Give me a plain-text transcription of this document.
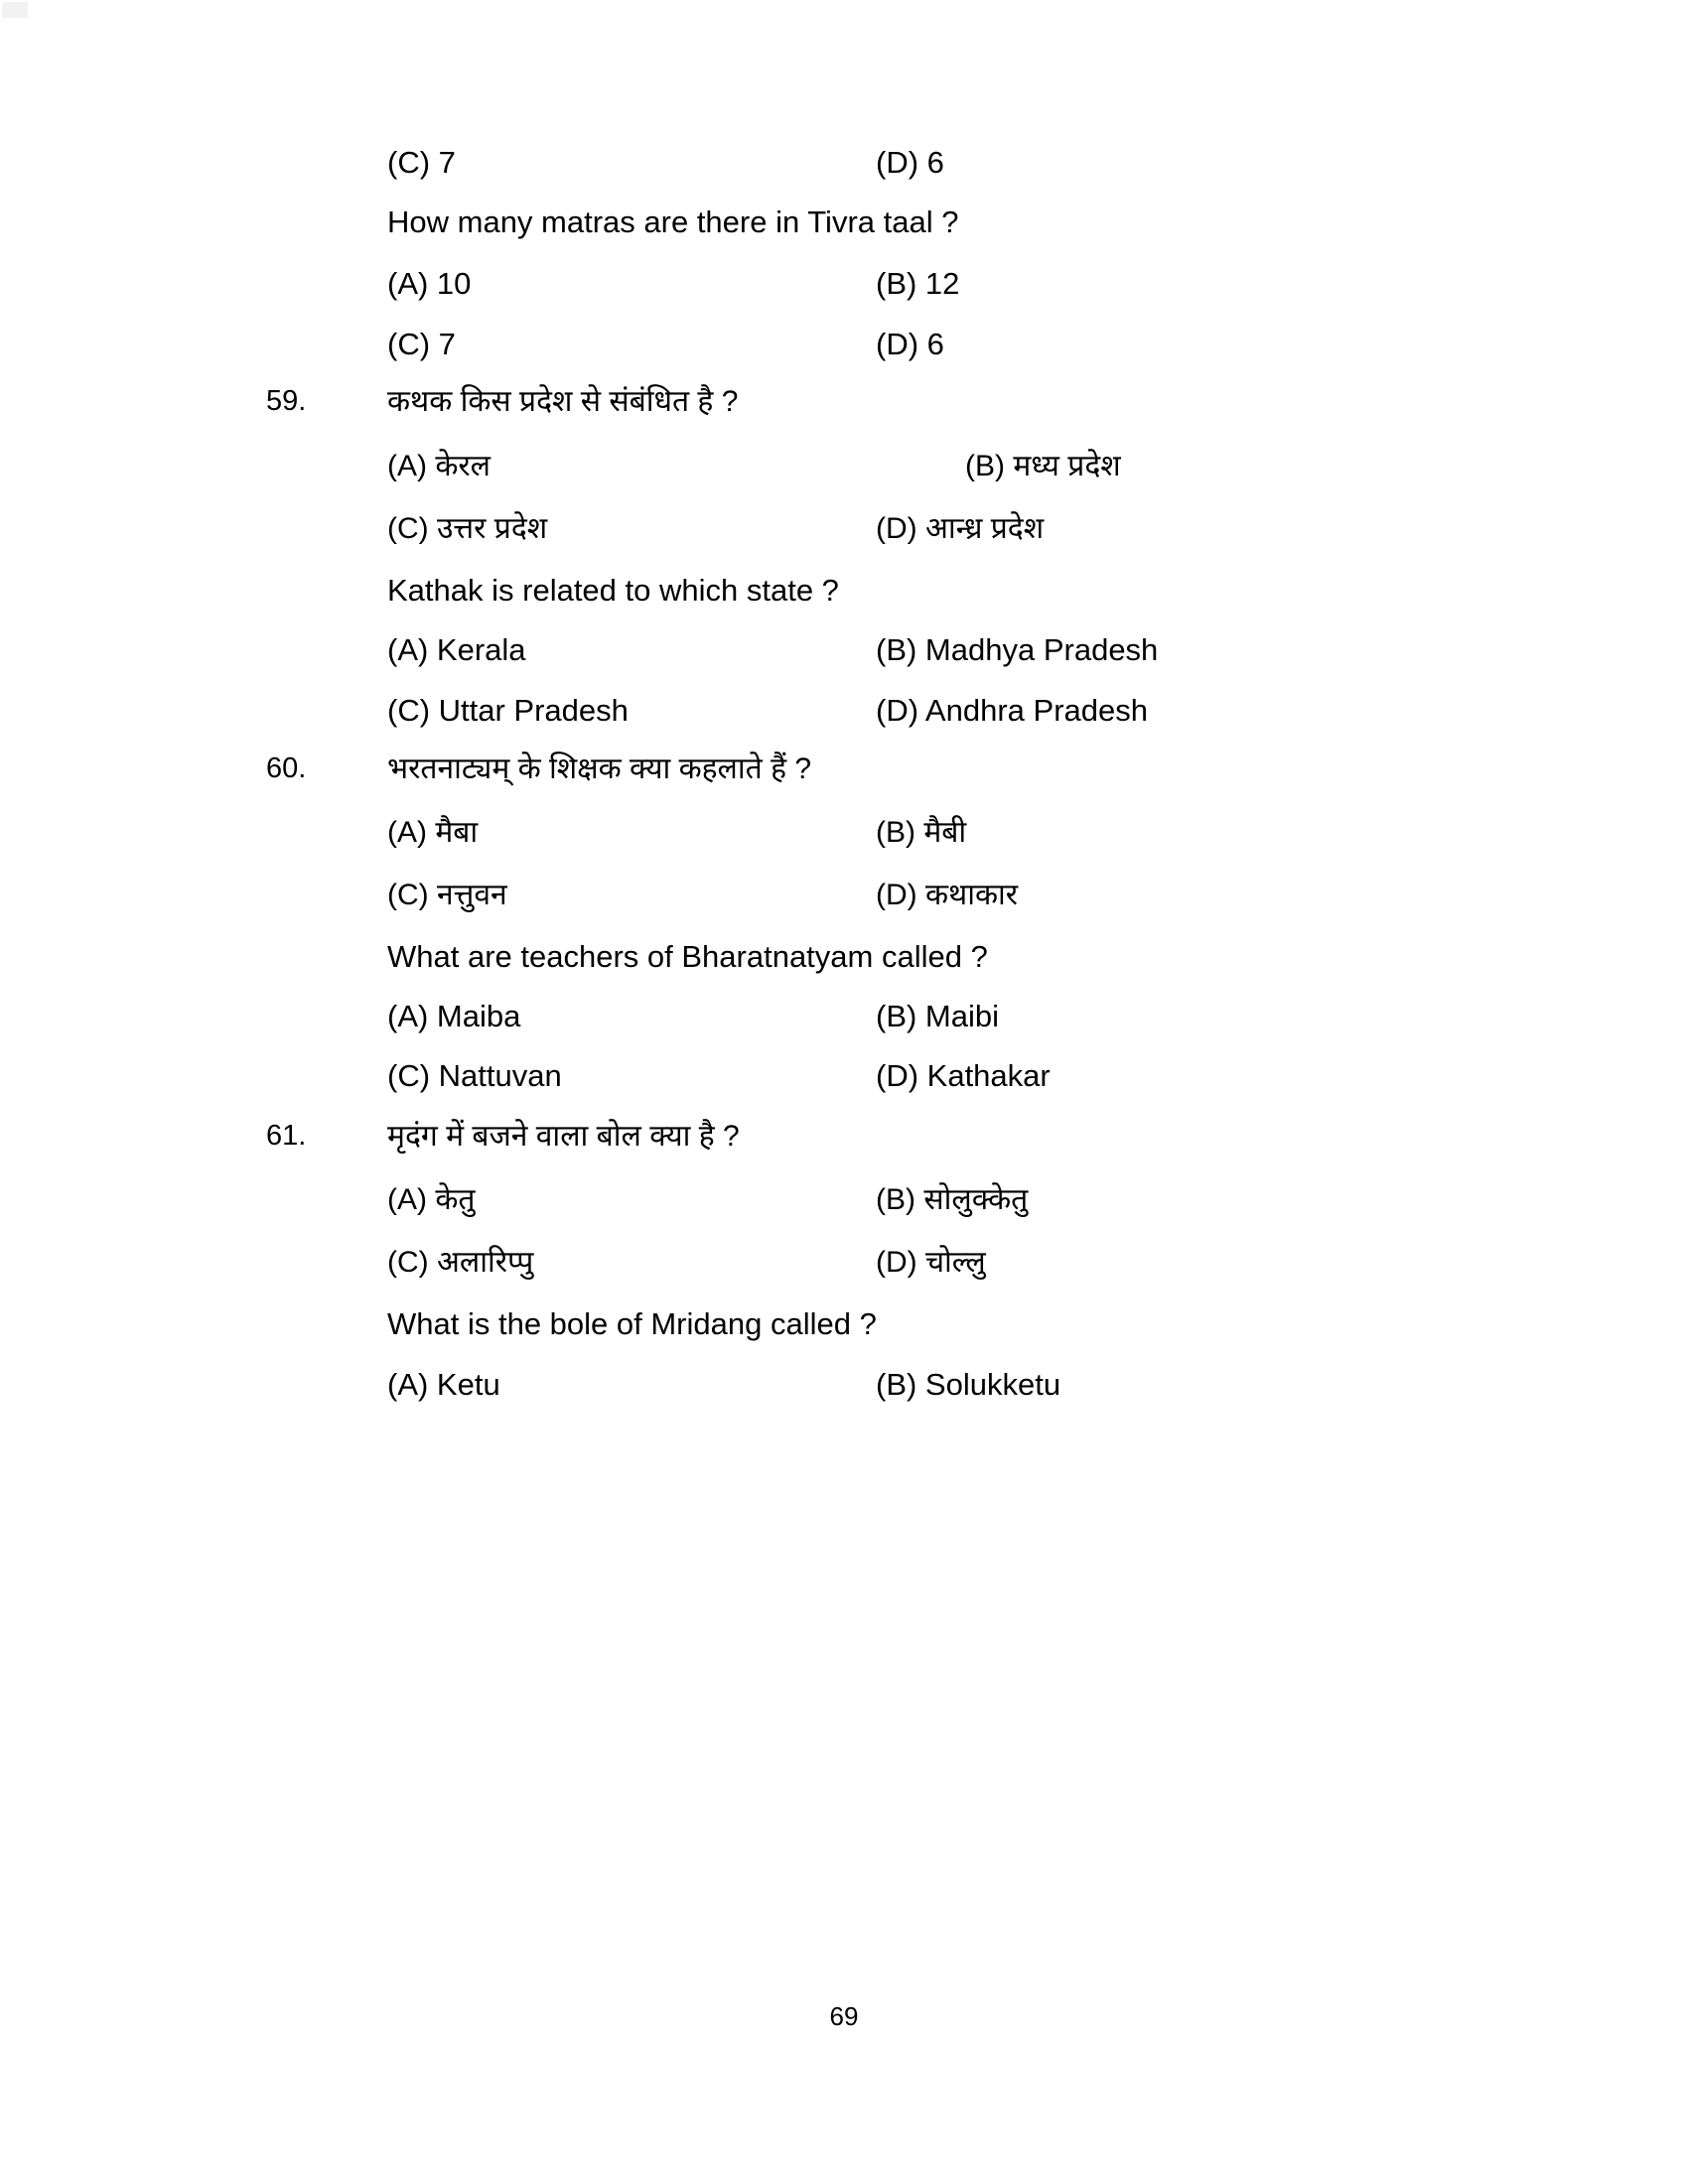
(C) 7	(D) 6
How many matras are there in Tivra taal ?
(A) 10	(B) 12
(C) 7	(D) 6
59.	कथक किस प्रदेश से संबंधित है ?
(A) केरल	(B) मध्य प्रदेश
(C) उत्तर प्रदेश	(D) आन्ध्र प्रदेश
Kathak is related to which state ?
(A) Kerala	(B) Madhya Pradesh
(C) Uttar Pradesh	(D) Andhra Pradesh
60.	भरतनाट्यम् के शिक्षक क्या कहलाते हैं ?
(A) मैबा	(B) मैबी
(C) नत्तुवन	(D) कथाकार
What are teachers of Bharatnatyam called ?
(A) Maiba	(B) Maibi
(C) Nattuvan	(D) Kathakar
61.	मृदंग में बजने वाला बोल क्या है ?
(A) केतु	(B) सोलुक्केतु
(C) अलारिप्पु	(D) चोल्लु
What is the bole of Mridang called ?
(A) Ketu	(B) Solukketu
69
